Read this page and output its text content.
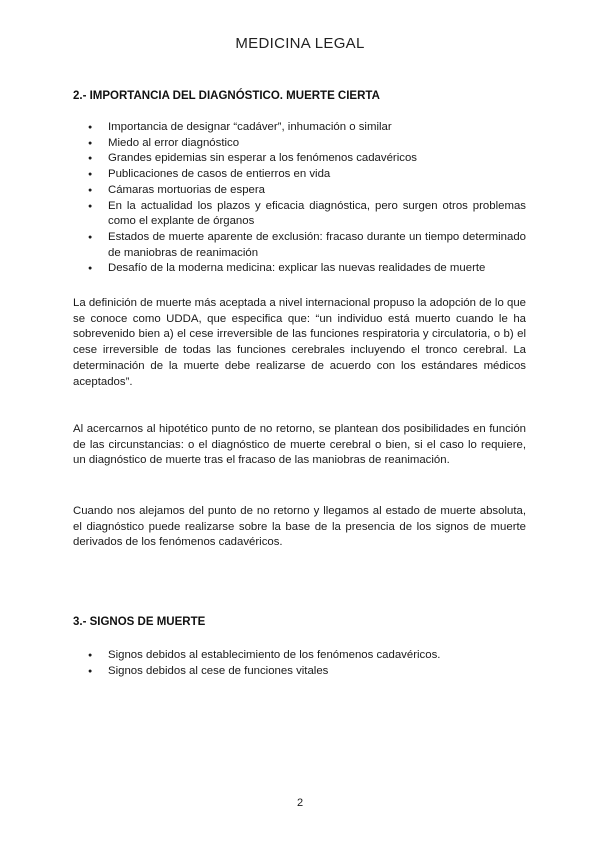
MEDICINA LEGAL
2.- IMPORTANCIA DEL DIAGNÓSTICO. MUERTE CIERTA
● Importancia de designar “cadáver”, inhumación o similar
● Miedo al error diagnóstico
● Grandes epidemias sin esperar a los fenómenos cadavéricos
● Publicaciones de casos de entierros en vida
● Cámaras mortuorias de espera
● En la actualidad los plazos y eficacia diagnóstica, pero surgen otros problemas como el explante de órganos
● Estados de muerte aparente de exclusión: fracaso durante un tiempo determinado de maniobras de reanimación
● Desafío de la moderna medicina: explicar las nuevas realidades de muerte

La definición de muerte más aceptada a nivel internacional propuso la adopción de lo que se conoce como UDDA, que especifica que: “un individuo está muerto cuando le ha sobrevenido bien a) el cese irreversible de las funciones respiratoria y circulatoria, o b) el cese irreversible de todas las funciones cerebrales incluyendo el tronco cerebral. La determinación de la muerte debe realizarse de acuerdo con los estándares médicos aceptados”.

Al acercarnos al hipotético punto de no retorno, se plantean dos posibilidades en función de las circunstancias: o el diagnóstico de muerte cerebral o bien, si el caso lo requiere, un diagnóstico de muerte tras el fracaso de las maniobras de reanimación.

Cuando nos alejamos del punto de no retorno y llegamos al estado de muerte absoluta, el diagnóstico puede realizarse sobre la base de la presencia de los signos de muerte derivados de los fenómenos cadavéricos.

3.- SIGNOS DE MUERTE
● Signos debidos al establecimiento de los fenómenos cadavéricos.
● Signos debidos al cese de funciones vitales
2
